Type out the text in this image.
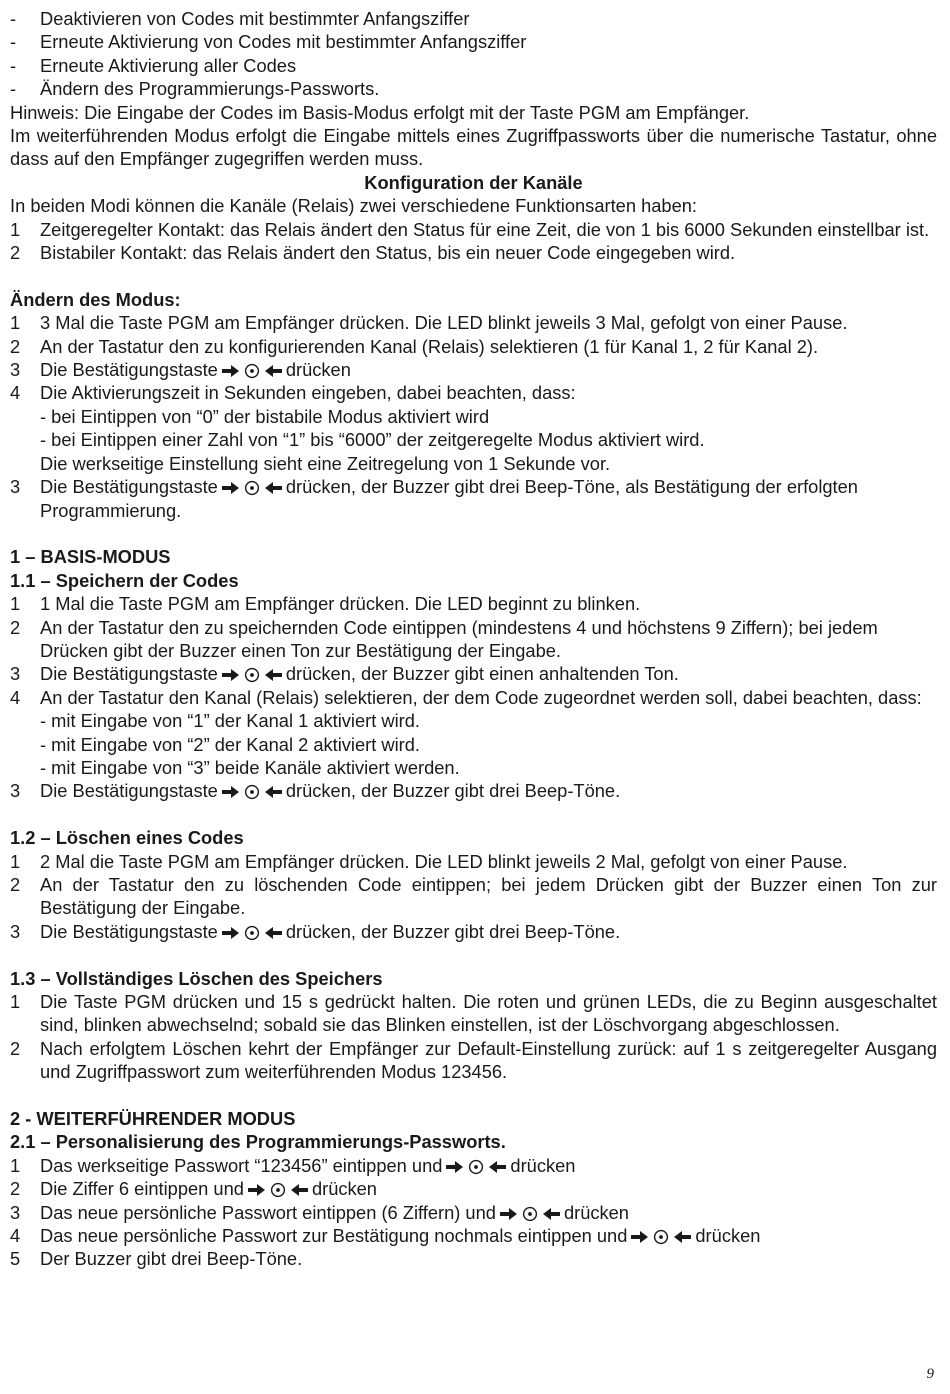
-	Deaktivieren von Codes mit bestimmter Anfangsziffer
-	Erneute Aktivierung von Codes mit bestimmter Anfangsziffer
-	Erneute Aktivierung aller Codes
-	Ändern des Programmierungs-Passworts.

Hinweis: Die Eingabe der Codes im Basis-Modus erfolgt mit der Taste PGM am Empfänger.

Im weiterführenden Modus erfolgt die Eingabe mittels eines Zugriffpassworts über die numerische Tastatur, ohne dass auf den Empfänger zugegriffen werden muss.

Konfiguration der Kanäle

In beiden Modi können die Kanäle (Relais) zwei verschiedene Funktionsarten haben:

1	Zeitgeregelter Kontakt: das Relais ändert den Status für eine Zeit, die von 1 bis 6000 Sekunden einstellbar ist.
2	Bistabiler Kontakt: das Relais ändert den Status, bis ein neuer Code eingegeben wird.

Ändern des Modus:

1	3 Mal die Taste PGM am Empfänger drücken. Die LED blinkt jeweils 3 Mal, gefolgt von einer Pause.
2	An der Tastatur den zu konfigurierenden Kanal (Relais) selektieren (1 für Kanal 1, 2 für Kanal 2).
3	Die Bestätigungstaste	drücken
4	Die Aktivierungszeit in Sekunden eingeben, dabei beachten, dass:

- bei Eintippen von “0” der bistabile Modus aktiviert wird

- bei Eintippen einer Zahl von “1” bis “6000” der zeitgeregelte Modus aktiviert wird.

Die werkseitige Einstellung sieht eine Zeitregelung von 1 Sekunde vor.

3	Die Bestätigungstaste	drücken, der Buzzer gibt drei Beep-Töne, als Bestätigung der erfolgten Programmierung.

1 – BASIS-MODUS

1.1 – Speichern der Codes

1	1 Mal die Taste PGM am Empfänger drücken. Die LED beginnt zu blinken.
2	An der Tastatur den zu speichernden Code eintippen (mindestens 4 und höchstens 9 Ziffern); bei jedem Drücken gibt der Buzzer einen Ton zur Bestätigung der Eingabe.
3	Die Bestätigungstaste	drücken, der Buzzer gibt einen anhaltenden Ton.
4	An der Tastatur den Kanal (Relais) selektieren, der dem Code zugeordnet werden soll, dabei beachten, dass:

- mit Eingabe von “1” der Kanal 1 aktiviert wird.

- mit Eingabe von “2” der Kanal 2 aktiviert wird.

- mit Eingabe von “3” beide Kanäle aktiviert werden.

3	Die Bestätigungstaste	drücken, der Buzzer gibt drei Beep-Töne.

1.2 – Löschen eines Codes

1	2 Mal die Taste PGM am Empfänger drücken. Die LED blinkt jeweils 2 Mal, gefolgt von einer Pause.
2	An der Tastatur den zu löschenden Code eintippen; bei jedem Drücken gibt der Buzzer einen Ton zur Bestätigung der Eingabe.
3	Die Bestätigungstaste	drücken, der Buzzer gibt drei Beep-Töne.

1.3 – Vollständiges Löschen des Speichers

1	Die Taste PGM drücken und 15 s gedrückt halten. Die roten und grünen LEDs, die zu Beginn ausgeschaltet sind, blinken abwechselnd; sobald sie das Blinken einstellen, ist der Löschvorgang abgeschlossen.
2	Nach erfolgtem Löschen kehrt der Empfänger zur Default-Einstellung zurück: auf 1 s zeitgeregelter Ausgang und Zugriffpasswort zum weiterführenden Modus 123456.

2 - WEITERFÜHRENDER MODUS

2.1 – Personalisierung des Programmierungs-Passworts.

1	Das werkseitige Passwort “123456” eintippen und	drücken
2	Die Ziffer 6 eintippen und	drücken
3	Das neue persönliche Passwort eintippen (6 Ziffern) und	drücken
4	Das neue persönliche Passwort zur Bestätigung nochmals eintippen und	drücken
5	Der Buzzer gibt drei Beep-Töne.
9
